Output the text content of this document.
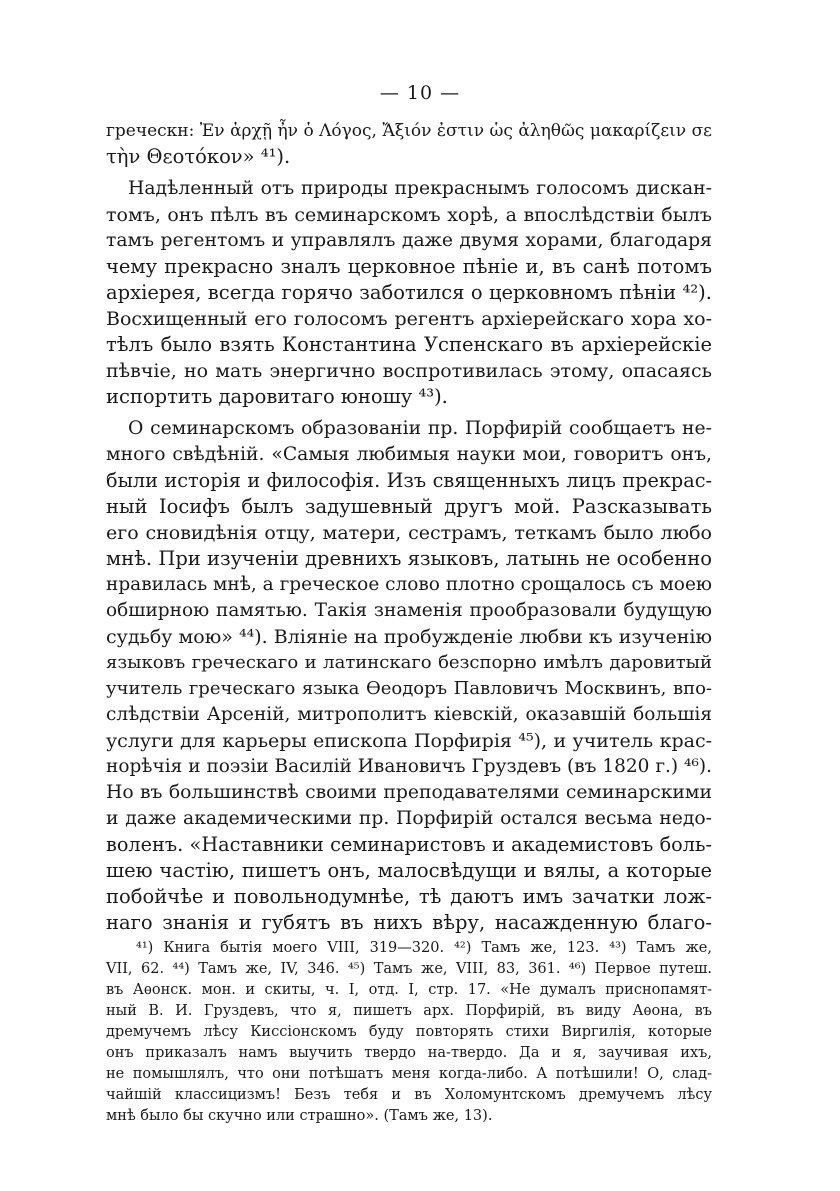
— 10 —
греческн: Ἐν ἀρχῇ ἦν ὁ Λόγος, Ἄξιόν ἐστιν ὡς ἀληθῶς μακαρίζειν σε
τὴν Θεοτόκον» ⁴¹).
Надѣленный отъ природы прекраснымъ голосомъ дискан-
томъ, онъ пѣлъ въ семинарскомъ хорѣ, а впослѣдствіи былъ
тамъ регентомъ и управлялъ даже двумя хорами, благодаря
чему прекрасно зналъ церковное пѣніе и, въ санѣ потомъ
архіерея, всегда горячо заботился о церковномъ пѣніи ⁴²).
Восхищенный его голосомъ регентъ архіерейскаго хора хо-
тѣлъ было взять Константина Успенскаго въ архіерейскіе
пѣвчіе, но мать энергично воспротивилась этому, опасаясь
испортить даровитаго юношу ⁴³).
О семинарскомъ образованіи пр. Порфирій сообщаетъ не-
много свѣдѣній. «Самыя любимыя науки мои, говоритъ онъ,
были исторія и философія. Изъ священныхъ лицъ прекрас-
ный Іосифъ былъ задушевный другъ мой. Разсказывать
его сновидѣнія отцу, матери, сестрамъ, теткамъ было любо
мнѣ. При изученіи древнихъ языковъ, латынь не особенно
нравилась мнѣ, а греческое слово плотно срощалось съ моею
обширною памятью. Такія знаменія прообразовали будущую
судьбу мою» ⁴⁴). Вліяніе на пробужденіе любви къ изученію
языковъ греческаго и латинскаго безспорно имѣлъ даровитый
учитель греческаго языка Ѳеодоръ Павловичъ Москвинъ, впо-
слѣдствіи Арсеній, митрополитъ кіевскій, оказавшій большія
услуги для карьеры епископа Порфирія ⁴⁵), и учитель крас-
норѣчія и поэзіи Василій Ивановичъ Груздевъ (въ 1820 г.) ⁴⁶).
Но въ большинствѣ своими преподавателями семинарскими
и даже академическими пр. Порфирій остался весьма недо-
воленъ. «Наставники семинаристовъ и академистовъ боль-
шею частію, пишетъ онъ, малосвѣдущи и вялы, а которые
побойчѣе и повольнодумнѣе, тѣ даютъ имъ зачатки лож-
наго знанія и губятъ въ нихъ вѣру, насажденную благо-
⁴¹) Книга бытія моего VIII, 319—320. ⁴²) Тамъ же, 123. ⁴³) Тамъ же,
VII, 62. ⁴⁴) Тамъ же, IV, 346. ⁴⁵) Тамъ же, VIII, 83, 361. ⁴⁶) Первое путеш.
въ Аѳонск. мон. и скиты, ч. I, отд. I, стр. 17. «Не думалъ приснопамят-
ный В. И. Груздевъ, что я, пишетъ арх. Порфирій, въ виду Аѳона, въ
дремучемъ лѣсу Киссіонскомъ буду повторять стихи Виргилія, которые
онъ приказалъ намъ выучить твердо на-твердо. Да и я, заучивая ихъ,
не помышлялъ, что они потѣшатъ меня когда-либо. А потѣшили! О, слад-
чайшій классицизмъ! Безъ тебя и въ Холомунтскомъ дремучемъ лѣсу
мнѣ было бы скучно или страшно». (Тамъ же, 13).
